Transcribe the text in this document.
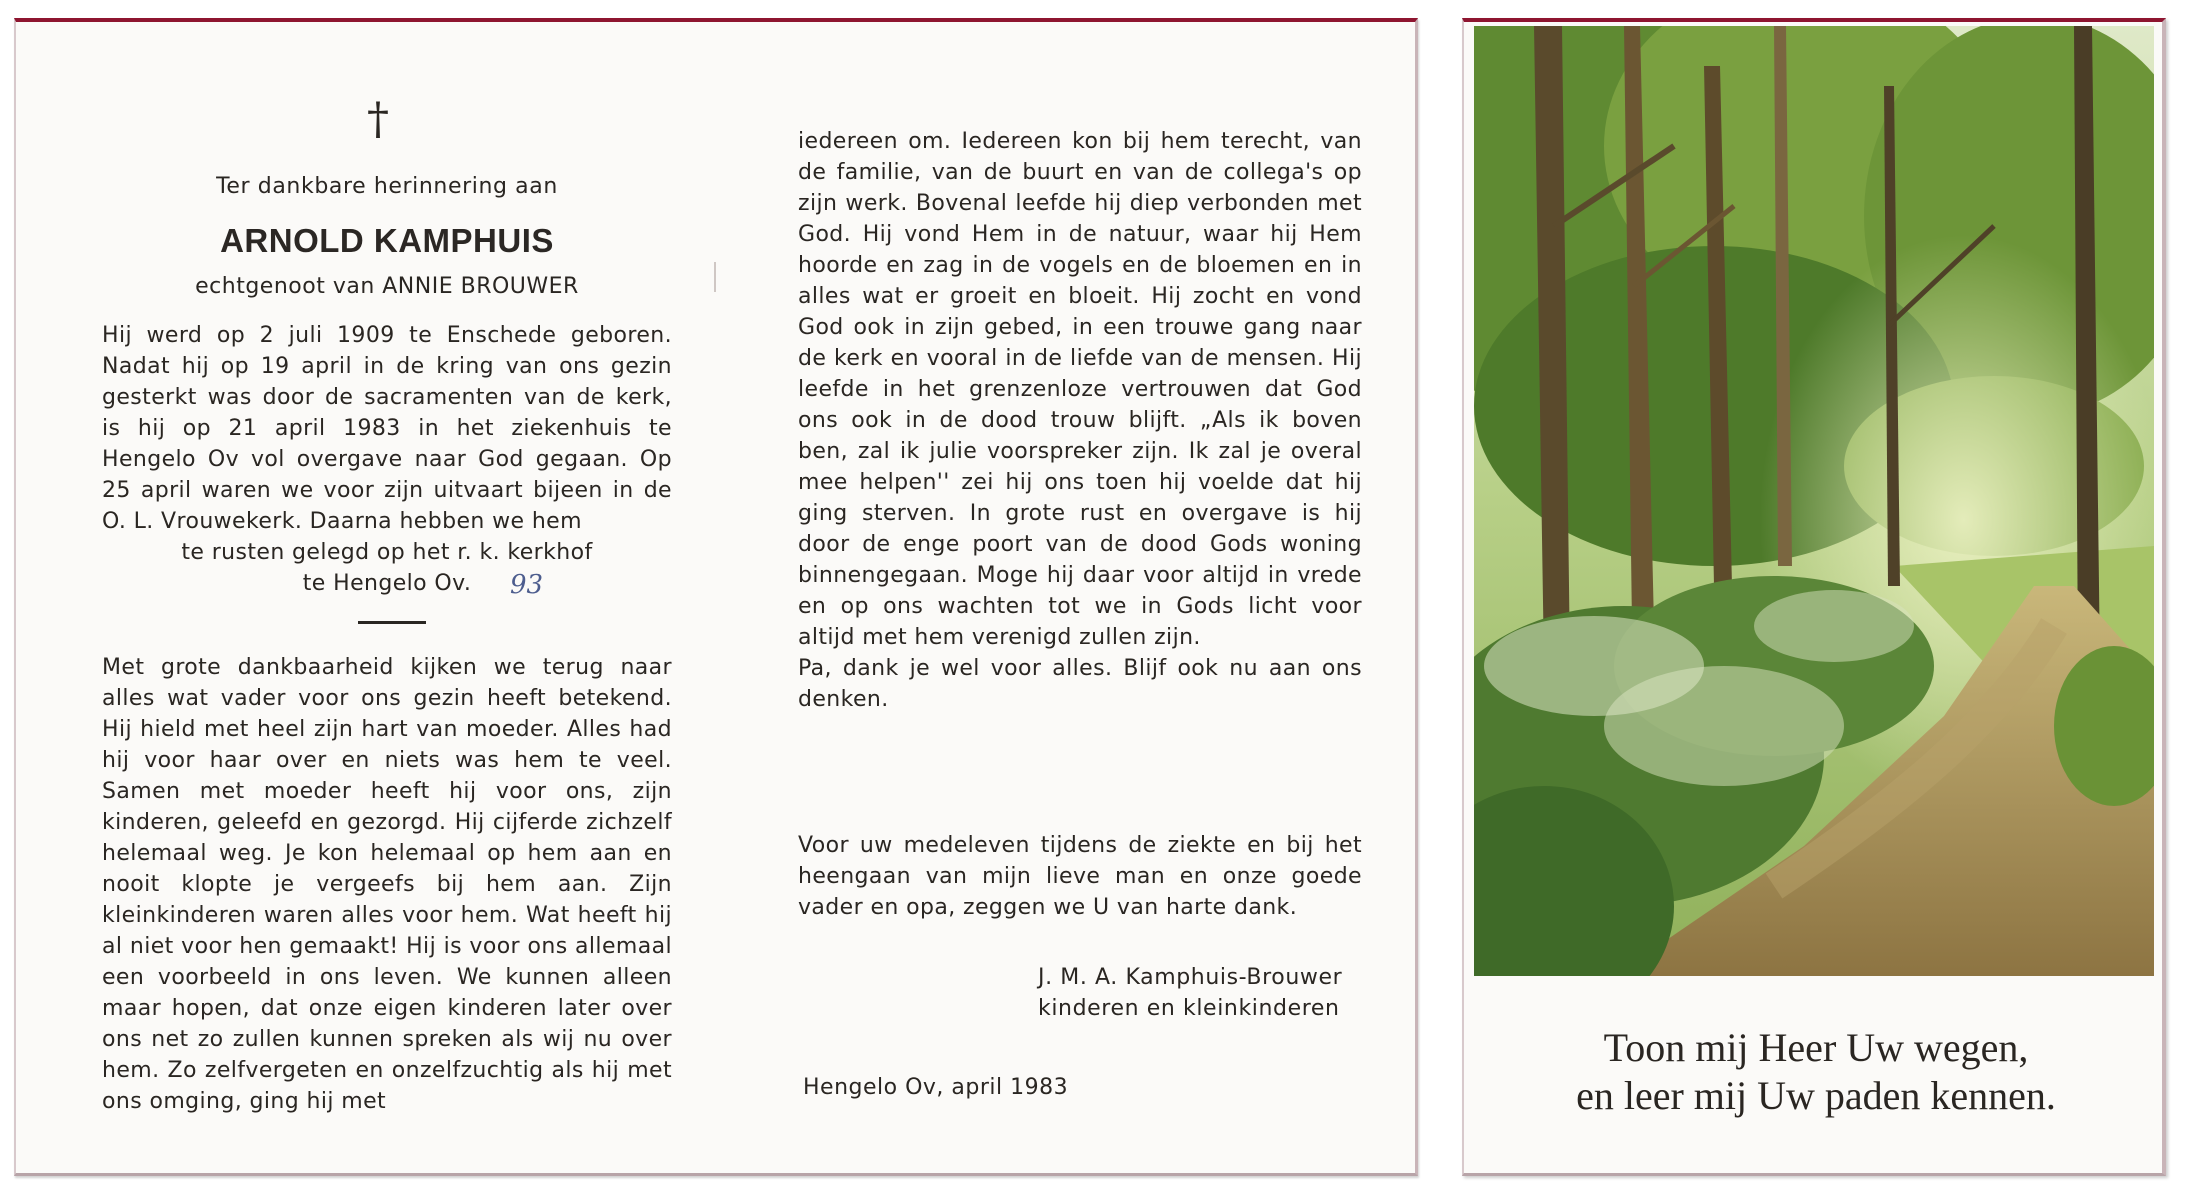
†
Ter dankbare herinnering aan
ARNOLD KAMPHUIS
echtgenoot van ANNIE BROUWER
Hij werd op 2 juli 1909 te Enschede geboren. Nadat hij op 19 april in de kring van ons gezin gesterkt was door de sacramenten van de kerk, is hij op 21 april 1983 in het ziekenhuis te Hengelo Ov vol overgave naar God gegaan. Op 25 april waren we voor zijn uitvaart bijeen in de O. L. Vrouwekerk. Daarna hebben we hem
te rusten gelegd op het r. k. kerkhof
te Hengelo Ov.	93
Met grote dankbaarheid kijken we terug naar alles wat vader voor ons gezin heeft betekend. Hij hield met heel zijn hart van moeder. Alles had hij voor haar over en niets was hem te veel. Samen met moeder heeft hij voor ons, zijn kinderen, geleefd en gezorgd. Hij cijferde zichzelf helemaal weg. Je kon helemaal op hem aan en nooit klopte je vergeefs bij hem aan. Zijn kleinkinderen waren alles voor hem. Wat heeft hij al niet voor hen gemaakt! Hij is voor ons allemaal een voorbeeld in ons leven. We kunnen alleen maar hopen, dat onze eigen kinderen later over ons net zo zullen kunnen spreken als wij nu over hem. Zo zelfvergeten en onzelfzuchtig als hij met ons omging, ging hij met
iedereen om. Iedereen kon bij hem terecht, van de familie, van de buurt en van de collega's op zijn werk. Bovenal leefde hij diep verbonden met God. Hij vond Hem in de natuur, waar hij Hem hoorde en zag in de vogels en de bloemen en in alles wat er groeit en bloeit. Hij zocht en vond God ook in zijn gebed, in een trouwe gang naar de kerk en vooral in de liefde van de mensen. Hij leefde in het grenzenloze vertrouwen dat God ons ook in de dood trouw blijft. „Als ik boven ben, zal ik julie voorspreker zijn. Ik zal je overal mee helpen'' zei hij ons toen hij voelde dat hij ging sterven. In grote rust en overgave is hij door de enge poort van de dood Gods woning binnengegaan. Moge hij daar voor altijd in vrede en op ons wachten tot we in Gods licht voor altijd met hem verenigd zullen zijn.
Pa, dank je wel voor alles. Blijf ook nu aan ons denken.
Voor uw medeleven tijdens de ziekte en bij het heengaan van mijn lieve man en onze goede vader en opa, zeggen we U van harte dank.
J. M. A. Kamphuis-Brouwer
kinderen en kleinkinderen
Hengelo Ov, april 1983
Toon mij Heer Uw wegen,
en leer mij Uw paden kennen.
